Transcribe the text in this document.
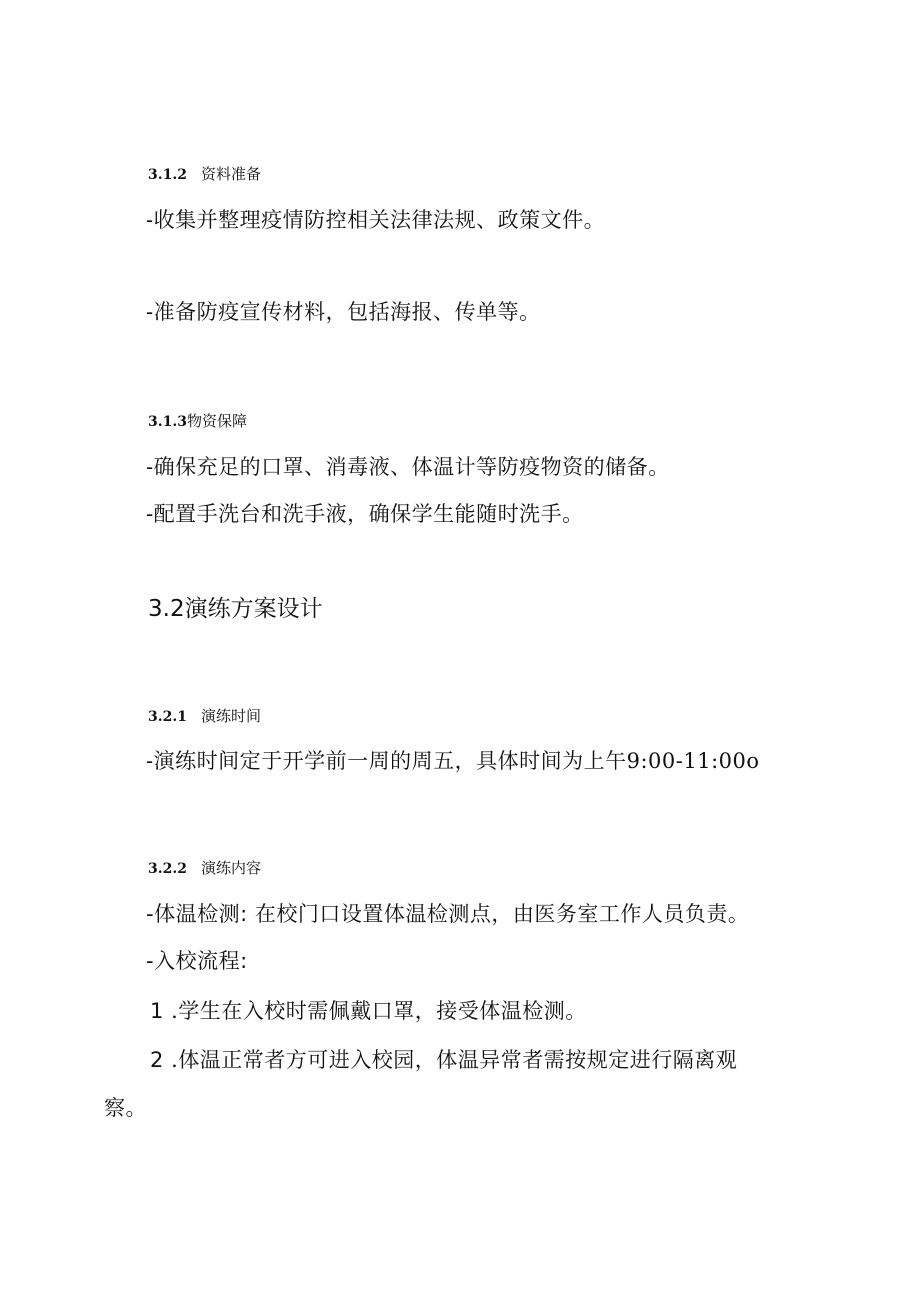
3.1.2 资料准备
-收集并整理疫情防控相关法律法规、政策文件。
-准备防疫宣传材料，包括海报、传单等。
3.1.3物资保障
-确保充足的口罩、消毒液、体温计等防疫物资的储备。
-配置手洗台和洗手液，确保学生能随时洗手。
3.2演练方案设计
3.2.1 演练时间
-演练时间定于开学前一周的周五，具体时间为上午9:00-11:00o
3.2.2 演练内容
-体温检测: 在校门口设置体温检测点，由医务室工作人员负责。
-入校流程:
1 .学生在入校时需佩戴口罩，接受体温检测。
2 .体温正常者方可进入校园，体温异常者需按规定进行隔离观
察。
